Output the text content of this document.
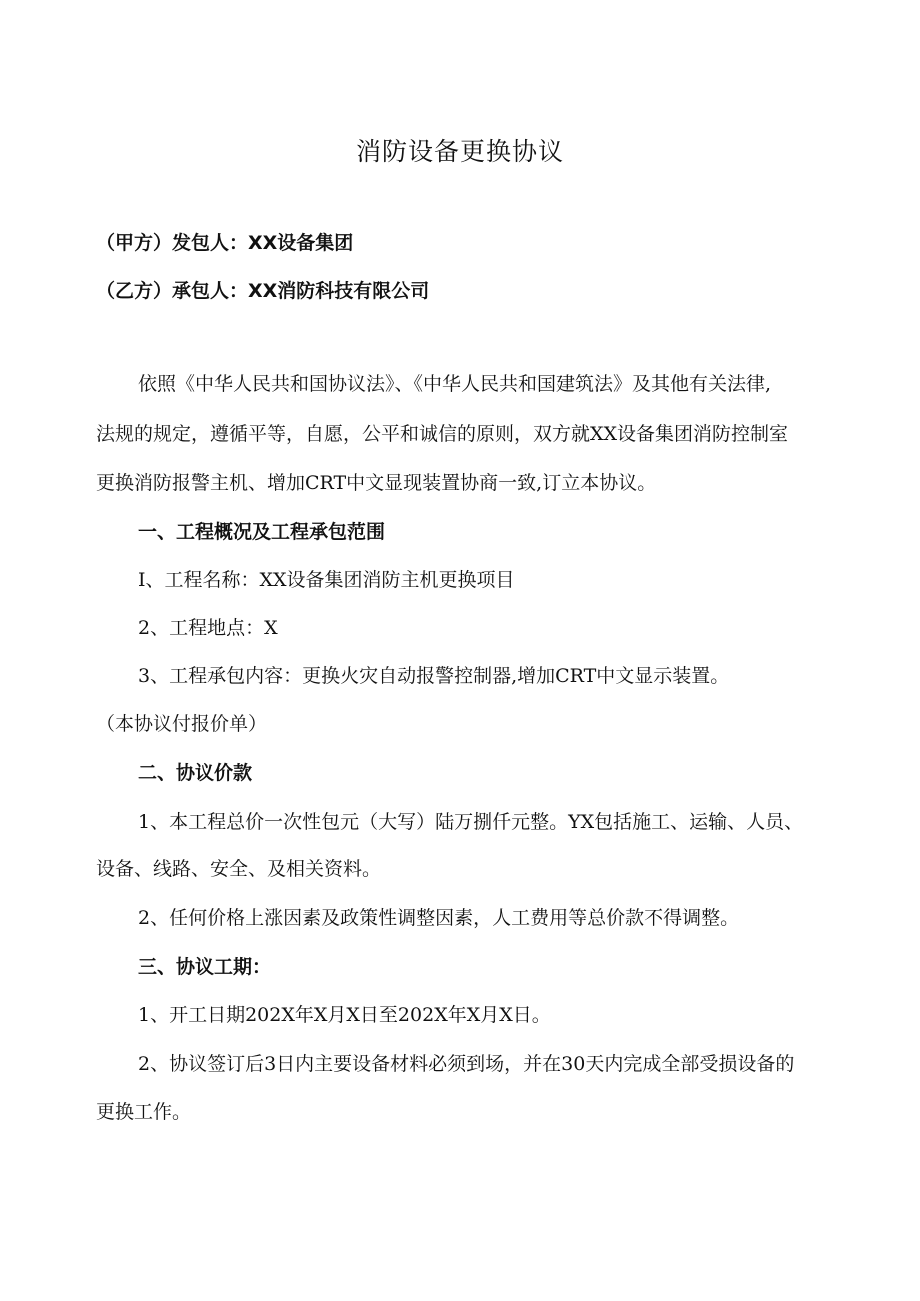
消防设备更换协议
（甲方）发包人：XX设备集团
（乙方）承包人：XX消防科技有限公司
依照《中华人民共和国协议法》、《中华人民共和国建筑法》及其他有关法律,
法规的规定，遵循平等，自愿，公平和诚信的原则，双方就XX设备集团消防控制室
更换消防报警主机、增加CRT中文显现装置协商一致,订立本协议。
一、工程概况及工程承包范围
I、工程名称：XX设备集团消防主机更换项目
2、工程地点：X
3、工程承包内容：更换火灾自动报警控制器,增加CRT中文显示装置。
（本协议付报价单）
二、协议价款
1、本工程总价一次性包元（大写）陆万捌仟元整。YX包括施工、运输、人员、
设备、线路、安全、及相关资料。
2、任何价格上涨因素及政策性调整因素，人工费用等总价款不得调整。
三、协议工期：
1、开工日期202X年X月X日至202X年X月X日。
2、协议签订后3日内主要设备材料必须到场，并在30天内完成全部受损设备的
更换工作。
